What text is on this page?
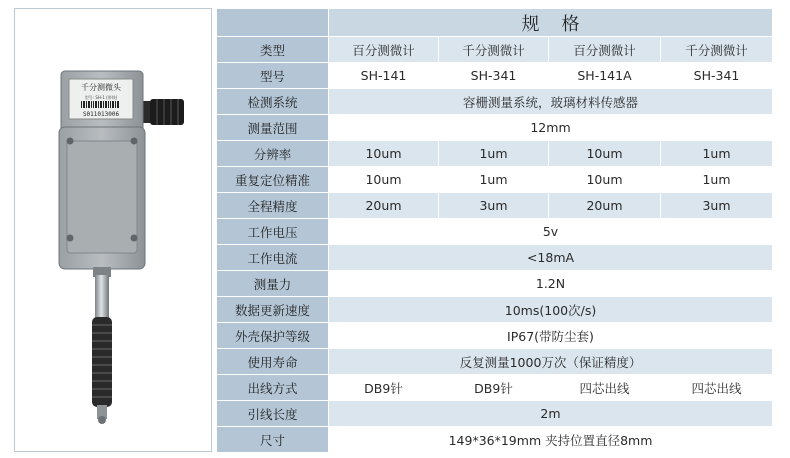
千分测微头
型号: SH-1 (带线)
S011013006
	规格			
类型	百分测微计	千分测微计	百分测微计	千分测微计
型号	SH-141	SH-341	SH-141A	SH-341
检测系统	容栅测量系统，玻璃材料传感器			
测量范围	12mm			
分辨率	10um	1um	10um	1um
重复定位精准	10um	1um	10um	1um
全程精度	20um	3um	20um	3um
工作电压	5v			
工作电流	<18mA			
测量力	1.2N			
数据更新速度	10ms(100次/s)			
外壳保护等级	IP67(带防尘套)			
使用寿命	反复测量1000万次（保证精度）			
出线方式	DB9针	DB9针	四芯出线	四芯出线
引线长度	2m			
尺寸	149*36*19mm 夹持位置直径8mm			
